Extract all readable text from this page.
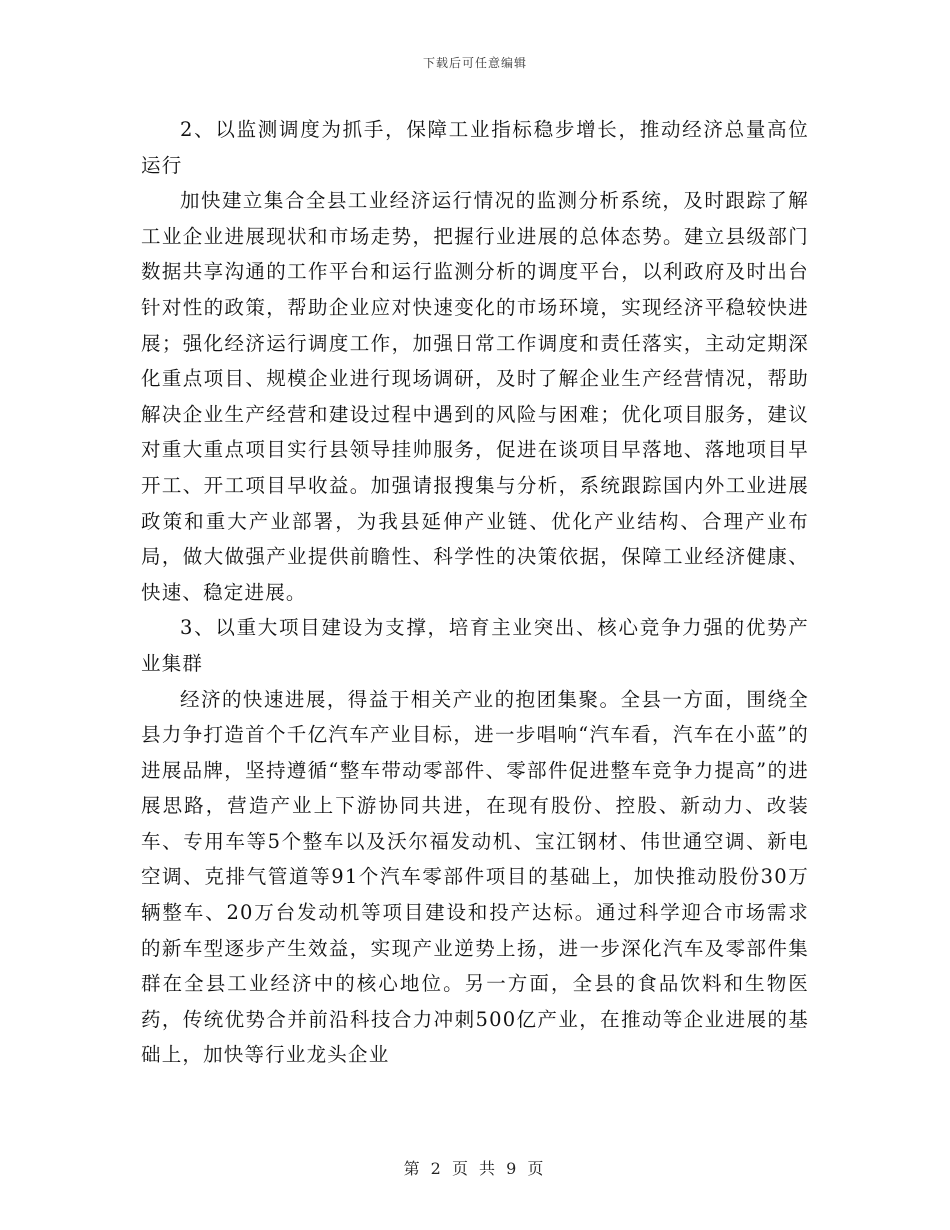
下载后可任意编辑

2、以监测调度为抓手，保障工业指标稳步增长，推动经济总量高位运行

加快建立集合全县工业经济运行情况的监测分析系统，及时跟踪了解工业企业进展现状和市场走势，把握行业进展的总体态势。建立县级部门数据共享沟通的工作平台和运行监测分析的调度平台，以利政府及时出台针对性的政策，帮助企业应对快速变化的市场环境，实现经济平稳较快进展；强化经济运行调度工作，加强日常工作调度和责任落实，主动定期深化重点项目、规模企业进行现场调研，及时了解企业生产经营情况，帮助解决企业生产经营和建设过程中遇到的风险与困难；优化项目服务，建议对重大重点项目实行县领导挂帅服务，促进在谈项目早落地、落地项目早开工、开工项目早收益。加强请报搜集与分析，系统跟踪国内外工业进展政策和重大产业部署，为我县延伸产业链、优化产业结构、合理产业布局，做大做强产业提供前瞻性、科学性的决策依据，保障工业经济健康、快速、稳定进展。

3、以重大项目建设为支撑，培育主业突出、核心竞争力强的优势产业集群

经济的快速进展，得益于相关产业的抱团集聚。全县一方面，围绕全县力争打造首个千亿汽车产业目标，进一步唱响“汽车看，汽车在小蓝”的进展品牌，坚持遵循“整车带动零部件、零部件促进整车竞争力提高”的进展思路，营造产业上下游协同共进，在现有股份、控股、新动力、改装车、专用车等5个整车以及沃尔福发动机、宝江钢材、伟世通空调、新电空调、克排气管道等91个汽车零部件项目的基础上，加快推动股份30万辆整车、20万台发动机等项目建设和投产达标。通过科学迎合市场需求的新车型逐步产生效益，实现产业逆势上扬，进一步深化汽车及零部件集群在全县工业经济中的核心地位。另一方面，全县的食品饮料和生物医药，传统优势合并前沿科技合力冲刺500亿产业，在推动等企业进展的基础上，加快等行业龙头企业

第 2 页 共 9 页
